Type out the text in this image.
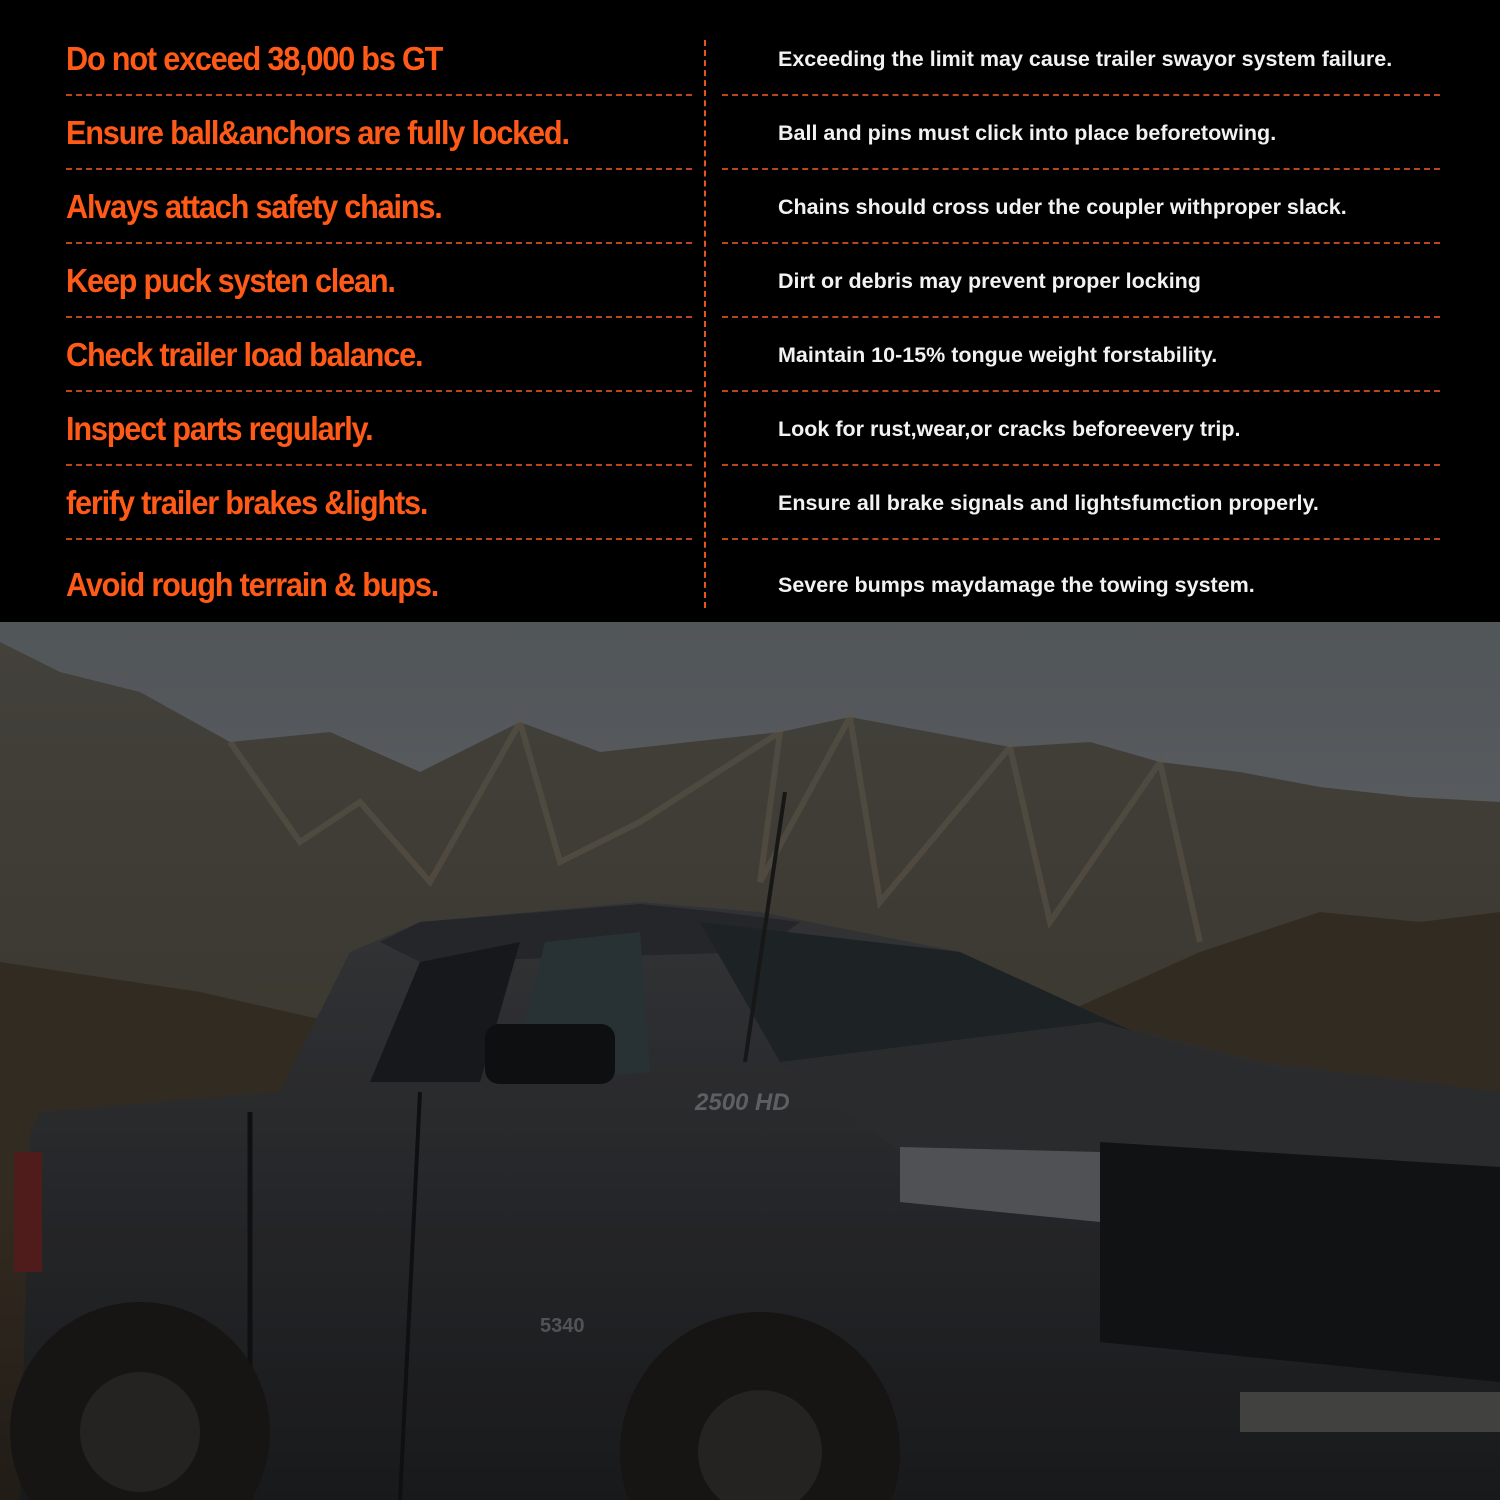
Do not exceed 38,000 bs GT	Exceeding the limit may cause trailer swayor system failure.
Ensure ball&anchors are fully locked.	Ball and pins must click into place beforetowing.
Alvays attach safety chains.	Chains should cross uder the coupler withproper slack.
Keep puck systen clean.	Dirt or debris may prevent proper locking
Check trailer load balance.	Maintain 10-15% tongue weight forstability.
Inspect parts regularly.	Look for rust,wear,or cracks beforeevery trip.
ferify trailer brakes &lights.	Ensure all brake signals and lightsfumction properly.
Avoid rough terrain & bups.	Severe bumps maydamage the towing system.
2500 HD
5340
